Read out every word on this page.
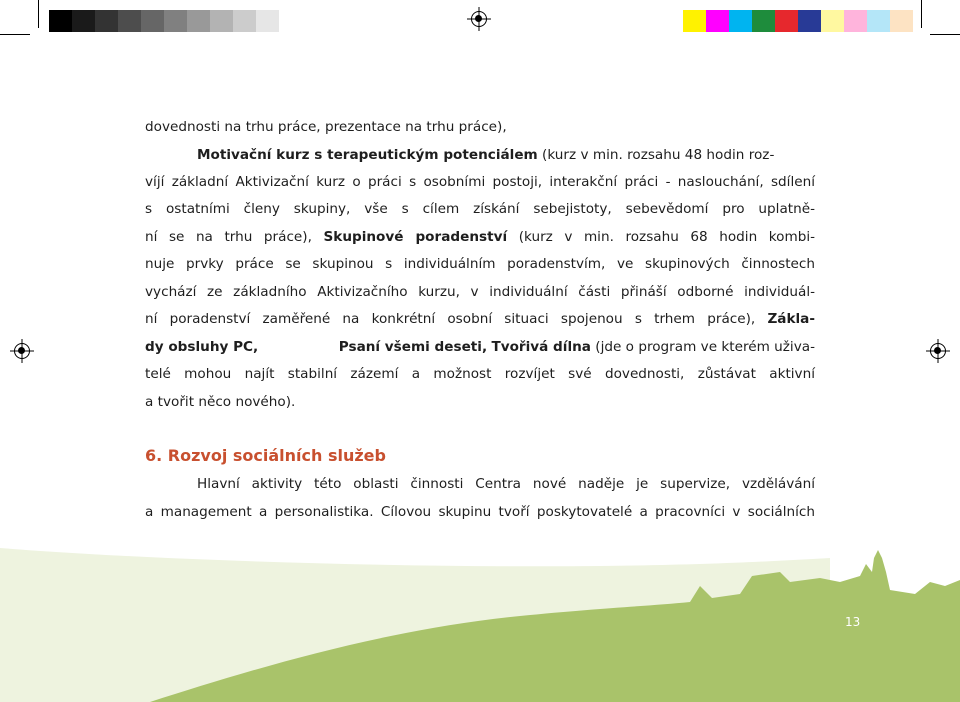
dovednosti na trhu práce, prezentace na trhu práce),
Motivační kurz s terapeutickým potenciálem (kurz v min. rozsahu 48 hodin roz-
víjí základní Aktivizační kurz o práci s osobními postoji, interakční práci - naslouchání, sdílení
s ostatními členy skupiny, vše s cílem získání sebejistoty, sebevědomí pro uplatně-
ní se na trhu práce), Skupinové poradenství (kurz v min. rozsahu 68 hodin kombi-
nuje prvky práce se skupinou s individuálním poradenstvím, ve skupinových činnostech
vychází ze základního Aktivizačního kurzu, v individuální části přináší odborné individuál-
ní poradenství zaměřené na konkrétní osobní situaci spojenou s trhem práce), Zákla-
dy obsluhy PC,	Psaní všemi deseti, Tvořivá dílna (jde o program ve kterém uživa-
telé mohou najít stabilní zázemí a možnost rozvíjet své dovednosti, zůstávat aktivní
a tvořit něco nového).
6. Rozvoj sociálních služeb
Hlavní aktivity této oblasti činnosti Centra nové naděje je supervize, vzdělávání
a management a personalistika. Cílovou skupinu tvoří poskytovatelé a pracovníci v sociálních
13
